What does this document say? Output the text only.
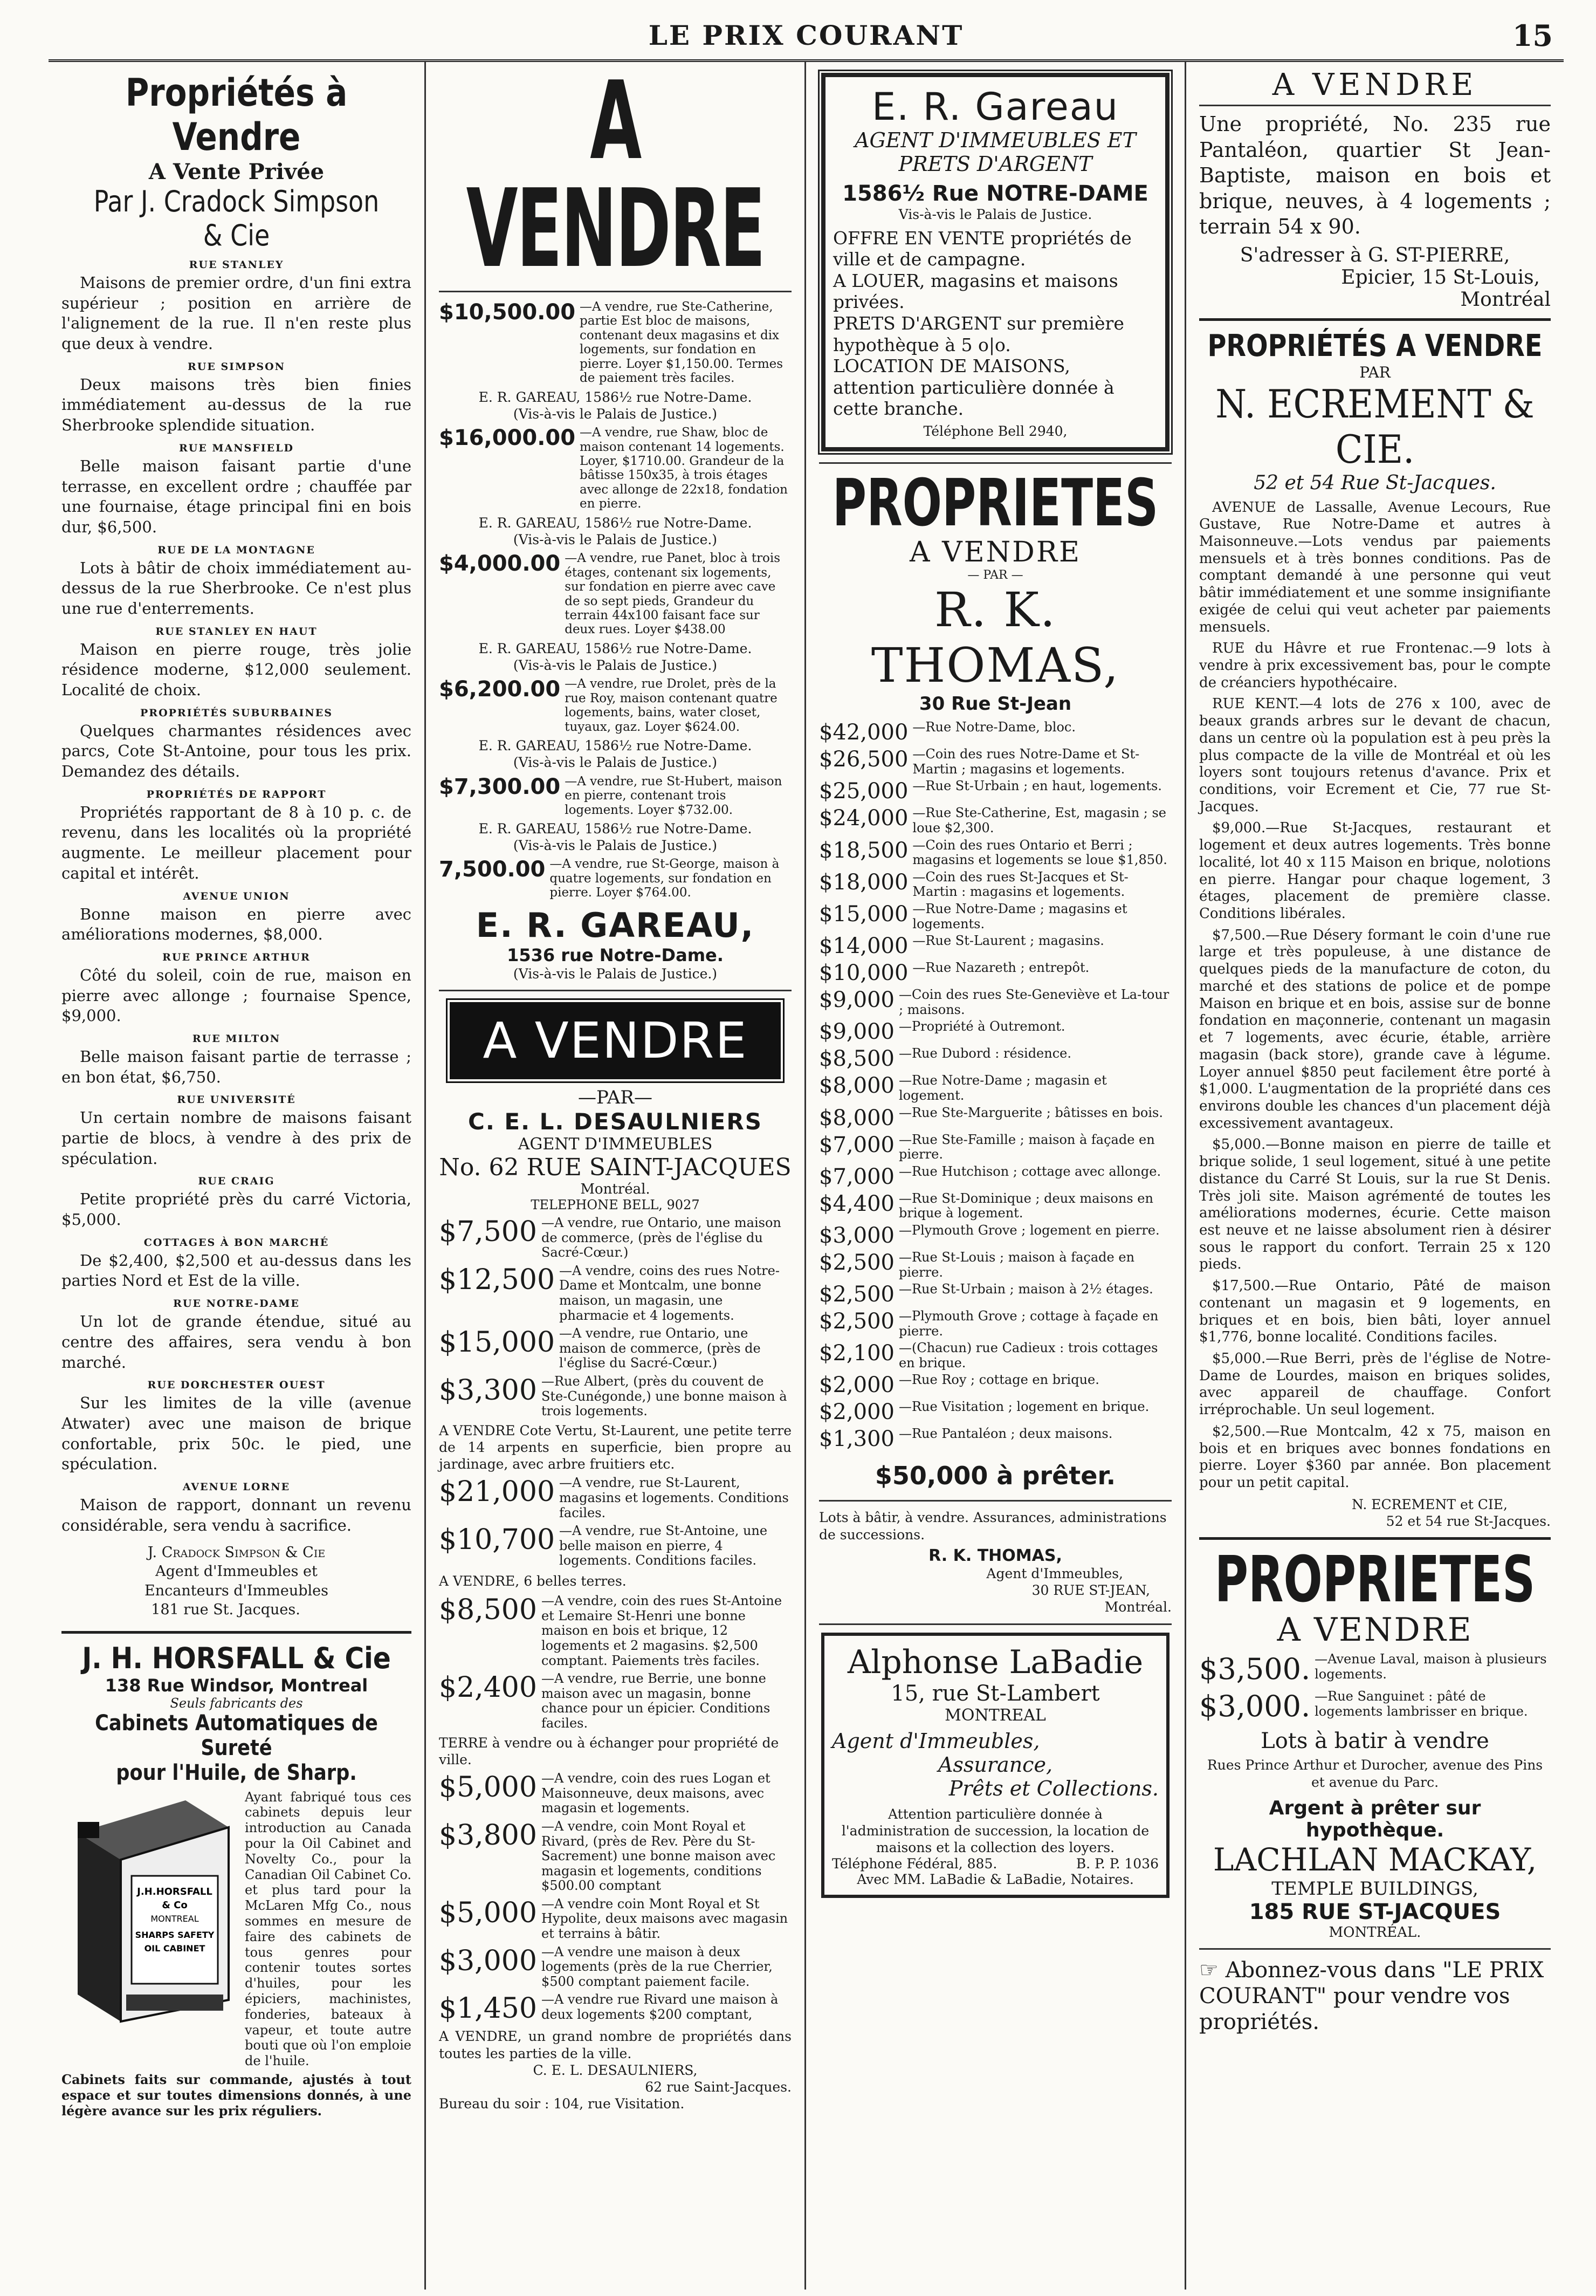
LE PRIX COURANT	15
Propriétés à Vendre
A Vente Privée
Par J. Cradock Simpson & Cie
RUE STANLEY

Maisons de premier ordre, d'un fini extra supérieur ; position en arrière de l'alignement de la rue. Il n'en reste plus que deux à vendre.

RUE SIMPSON

Deux maisons très bien finies immédiatement au-dessus de la rue Sherbrooke splendide situation.

RUE MANSFIELD

Belle maison faisant partie d'une terrasse, en excellent ordre ; chauffée par une fournaise, étage principal fini en bois dur, $6,500.

RUE DE LA MONTAGNE

Lots à bâtir de choix immédiatement au-dessus de la rue Sherbrooke. Ce n'est plus une rue d'enterrements.

RUE STANLEY EN HAUT

Maison en pierre rouge, très jolie résidence moderne, $12,000 seulement. Localité de choix.

PROPRIÉTÉS SUBURBAINES

Quelques charmantes résidences avec parcs, Cote St-Antoine, pour tous les prix. Demandez des détails.

PROPRIÉTÉS DE RAPPORT

Propriétés rapportant de 8 à 10 p. c. de revenu, dans les localités où la propriété augmente. Le meilleur placement pour capital et intérêt.

AVENUE UNION

Bonne maison en pierre avec améliorations modernes, $8,000.

RUE PRINCE ARTHUR

Côté du soleil, coin de rue, maison en pierre avec allonge ; fournaise Spence, $9,000.

RUE MILTON

Belle maison faisant partie de terrasse ; en bon état, $6,750.

RUE UNIVERSITÉ

Un certain nombre de maisons faisant partie de blocs, à vendre à des prix de spéculation.

RUE CRAIG

Petite propriété près du carré Victoria, $5,000.

COTTAGES À BON MARCHÉ

De $2,400, $2,500 et au-dessus dans les parties Nord et Est de la ville.

RUE NOTRE-DAME

Un lot de grande étendue, situé au centre des affaires, sera vendu à bon marché.

RUE DORCHESTER OUEST

Sur les limites de la ville (avenue Atwater) avec une maison de brique confortable, prix 50c. le pied, une spéculation.

AVENUE LORNE

Maison de rapport, donnant un revenu considérable, sera vendu à sacrifice.

J. Cradock Simpson & Cie
Agent d'Immeubles et
Encanteurs d'Immeubles
181 rue St. Jacques.
J. H. HORSFALL & Cie
138 Rue Windsor, Montreal
Seuls fabricants des
Cabinets Automatiques de Sureté
pour l'Huile, de Sharp.
J.H.HORSFALL
& Co
MONTREAL
SHARPS SAFETY
OIL CABINET
Ayant fabriqué tous ces cabinets depuis leur introduction au Canada pour la Oil Cabinet and Novelty Co., pour la Canadian Oil Cabinet Co. et plus tard pour la McLaren Mfg Co., nous sommes en mesure de faire des cabinets de tous genres pour contenir toutes sortes d'huiles, pour les épiciers, machinistes, fonderies, bateaux à vapeur, et toute autre bouti que où l'on emploie de l'huile.
Cabinets faits sur commande, ajustés à tout espace et sur toutes dimensions donnés, à une légère avance sur les prix réguliers.
A VENDRE
$10,500.00 —A vendre, rue Ste-Catherine, partie Est bloc de maisons, contenant deux magasins et dix logements, sur fondation en pierre. Loyer $1,150.00. Termes de paiement très faciles.
E. R. GAREAU, 1586½ rue Notre-Dame.
(Vis-à-vis le Palais de Justice.)
$16,000.00 —A vendre, rue Shaw, bloc de maison contenant 14 logements. Loyer, $1710.00. Grandeur de la bâtisse 150x35, à trois étages avec allonge de 22x18, fondation en pierre.
E. R. GAREAU, 1586½ rue Notre-Dame.
(Vis-à-vis le Palais de Justice.)
$4,000.00 —A vendre, rue Panet, bloc à trois étages, contenant six logements, sur fondation en pierre avec cave de so sept pieds, Grandeur du terrain 44x100 faisant face sur deux rues. Loyer $438.00
E. R. GAREAU, 1586½ rue Notre-Dame.
(Vis-à-vis le Palais de Justice.)
$6,200.00 —A vendre, rue Drolet, près de la rue Roy, maison contenant quatre logements, bains, water closet, tuyaux, gaz. Loyer $624.00.
E. R. GAREAU, 1586½ rue Notre-Dame.
(Vis-à-vis le Palais de Justice.)
$7,300.00 —A vendre, rue St-Hubert, maison en pierre, contenant trois logements. Loyer $732.00.
E. R. GAREAU, 1586½ rue Notre-Dame.
(Vis-à-vis le Palais de Justice.)
7,500.00 —A vendre, rue St-George, maison à quatre logements, sur fondation en pierre. Loyer $764.00.
E. R. GAREAU,
1536 rue Notre-Dame.
(Vis-à-vis le Palais de Justice.)
A VENDRE
—PAR—
C. E. L. DESAULNIERS
AGENT D'IMMEUBLES
No. 62 RUE SAINT-JACQUES
Montréal.
TELEPHONE BELL, 9027
$7,500 —A vendre, rue Ontario, une maison de commerce, (près de l'église du Sacré-Cœur.)
$12,500 —A vendre, coins des rues Notre-Dame et Montcalm, une bonne maison, un magasin, une pharmacie et 4 logements.
$15,000 —A vendre, rue Ontario, une maison de commerce, (près de l'église du Sacré-Cœur.)
$3,300 —Rue Albert, (près du couvent de Ste-Cunégonde,) une bonne maison à trois logements.

A VENDRE Cote Vertu, St-Laurent, une petite terre de 14 arpents en superficie, bien propre au jardinage, avec arbre fruitiers etc.

$21,000 —A vendre, rue St-Laurent, magasins et logements. Conditions faciles.
$10,700 —A vendre, rue St-Antoine, une belle maison en pierre, 4 logements. Conditions faciles.

A VENDRE, 6 belles terres.

$8,500 —A vendre, coin des rues St-Antoine et Lemaire St-Henri une bonne maison en bois et brique, 12 logements et 2 magasins. $2,500 comptant. Paiements très faciles.
$2,400 —A vendre, rue Berrie, une bonne maison avec un magasin, bonne chance pour un épicier. Conditions faciles.

TERRE à vendre ou à échanger pour propriété de ville.

$5,000 —A vendre, coin des rues Logan et Maisonneuve, deux maisons, avec magasin et logements.
$3,800 —A vendre, coin Mont Royal et Rivard, (près de Rev. Père du St-Sacrement) une bonne maison avec magasin et logements, conditions $500.00 comptant
$5,000 —A vendre coin Mont Royal et St Hypolite, deux maisons avec magasin et terrains à bâtir.
$3,000 —A vendre une maison à deux logements (près de la rue Cherrier, $500 comptant paiement facile.
$1,450 —A vendre rue Rivard une maison à deux logements $200 comptant,

A VENDRE, un grand nombre de propriétés dans toutes les parties de la ville.

C. E. L. DESAULNIERS,
62 rue Saint-Jacques.
Bureau du soir : 104, rue Visitation.
E. R. Gareau
AGENT D'IMMEUBLES ET PRETS D'ARGENT
1586½ Rue NOTRE-DAME
Vis-à-vis le Palais de Justice.

OFFRE EN VENTE propriétés de ville et de campagne.

A LOUER, magasins et maisons privées.

PRETS D'ARGENT sur première hypothèque à 5 o|o.

LOCATION DE MAISONS, attention particulière donnée à cette branche.

Téléphone Bell 2940,
PROPRIETES
A VENDRE
— PAR —
R. K. THOMAS,
30 Rue St-Jean
$42,000 —Rue Notre-Dame, bloc.
$26,500 —Coin des rues Notre-Dame et St-Martin ; magasins et logements.
$25,000 —Rue St-Urbain ; en haut, logements.
$24,000 —Rue Ste-Catherine, Est, magasin ; se loue $2,300.
$18,500 —Coin des rues Ontario et Berri ; magasins et logements se loue $1,850.
$18,000 —Coin des rues St-Jacques et St-Martin : magasins et logements.
$15,000 —Rue Notre-Dame ; magasins et logements.
$14,000 —Rue St-Laurent ; magasins.
$10,000 —Rue Nazareth ; entrepôt.
$9,000 —Coin des rues Ste-Geneviève et La-tour ; maisons.
$9,000 —Propriété à Outremont.
$8,500 —Rue Dubord : résidence.
$8,000 —Rue Notre-Dame ; magasin et logement.
$8,000 —Rue Ste-Marguerite ; bâtisses en bois.
$7,000 —Rue Ste-Famille ; maison à façade en pierre.
$7,000 —Rue Hutchison ; cottage avec allonge.
$4,400 —Rue St-Dominique ; deux maisons en brique à logement.
$3,000 —Plymouth Grove ; logement en pierre.
$2,500 —Rue St-Louis ; maison à façade en pierre.
$2,500 —Rue St-Urbain ; maison à 2½ étages.
$2,500 —Plymouth Grove ; cottage à façade en pierre.
$2,100 —(Chacun) rue Cadieux : trois cottages en brique.
$2,000 —Rue Roy ; cottage en brique.
$2,000 —Rue Visitation ; logement en brique.
$1,300 —Rue Pantaléon ; deux maisons.
$50,000 à prêter.

Lots à bâtir, à vendre. Assurances, administrations de successions.

R. K. THOMAS,
Agent d'Immeubles,
30 RUE ST-JEAN,
Montréal.
Alphonse LaBadie
15, rue St-Lambert
MONTREAL
Agent d'Immeubles,
Assurance,
Prêts et Collections.

Attention particulière donnée à l'administration de succession, la location de maisons et la collection des loyers.

Téléphone Fédéral, 885.	B. P. P. 1036
Avec MM. LaBadie & LaBadie, Notaires.
A VENDRE

Une propriété, No. 235 rue Pantaléon, quartier St Jean-Baptiste, maison en bois et brique, neuves, à 4 logements ; terrain 54 x 90.

S'adresser à G. ST-PIERRE,
Epicier, 15 St-Louis,
Montréal
PROPRIÉTÉS A VENDRE
PAR
N. ECREMENT & CIE.
52 et 54 Rue St-Jacques.

AVENUE de Lassalle, Avenue Lecours, Rue Gustave, Rue Notre-Dame et autres à Maisonneuve.—Lots vendus par paiements mensuels et à très bonnes conditions. Pas de comptant demandé à une personne qui veut bâtir immédiatement et une somme insignifiante exigée de celui qui veut acheter par paiements mensuels.

RUE du Hâvre et rue Frontenac.—9 lots à vendre à prix excessivement bas, pour le compte de créanciers hypothécaire.

RUE KENT.—4 lots de 276 x 100, avec de beaux grands arbres sur le devant de chacun, dans un centre où la population est à peu près la plus compacte de la ville de Montréal et où les loyers sont toujours retenus d'avance. Prix et conditions, voir Ecrement et Cie, 77 rue St-Jacques.

$9,000.—Rue St-Jacques, restaurant et logement et deux autres logements. Très bonne localité, lot 40 x 115 Maison en brique, nolotions en pierre. Hangar pour chaque logement, 3 étages, placement de première classe. Conditions libérales.

$7,500.—Rue Désery formant le coin d'une rue large et très populeuse, à une distance de quelques pieds de la manufacture de coton, du marché et des stations de police et de pompe Maison en brique et en bois, assise sur de bonne fondation en maçonnerie, contenant un magasin et 7 logements, avec écurie, étable, arrière magasin (back store), grande cave à légume. Loyer annuel $850 peut facilement être porté à $1,000. L'augmentation de la propriété dans ces environs double les chances d'un placement déjà excessivement avantageux.

$5,000.—Bonne maison en pierre de taille et brique solide, 1 seul logement, situé à une petite distance du Carré St Louis, sur la rue St Denis. Très joli site. Maison agrémenté de toutes les améliorations modernes, écurie. Cette maison est neuve et ne laisse absolument rien à désirer sous le rapport du confort. Terrain 25 x 120 pieds.

$17,500.—Rue Ontario, Pâté de maison contenant un magasin et 9 logements, en briques et en bois, bien bâti, loyer annuel $1,776, bonne localité. Conditions faciles.

$5,000.—Rue Berri, près de l'église de Notre-Dame de Lourdes, maison en briques solides, avec appareil de chauffage. Confort irréprochable. Un seul logement.

$2,500.—Rue Montcalm, 42 x 75, maison en bois et en briques avec bonnes fondations en pierre. Loyer $360 par année. Bon placement pour un petit capital.

N. ECREMENT et CIE,
52 et 54 rue St-Jacques.
PROPRIETES
A VENDRE
$3,500. —Avenue Laval, maison à plusieurs logements.
$3,000. —Rue Sanguinet : pâté de logements lambrisser en brique.
Lots à batir à vendre
Rues Prince Arthur et Durocher, avenue des Pins et avenue du Parc.
Argent à prêter sur hypothèque.
LACHLAN MACKAY,
TEMPLE BUILDINGS,
185 RUE ST-JACQUES
MONTRÉAL.

☞ Abonnez-vous dans "LE PRIX COURANT" pour vendre vos propriétés.
